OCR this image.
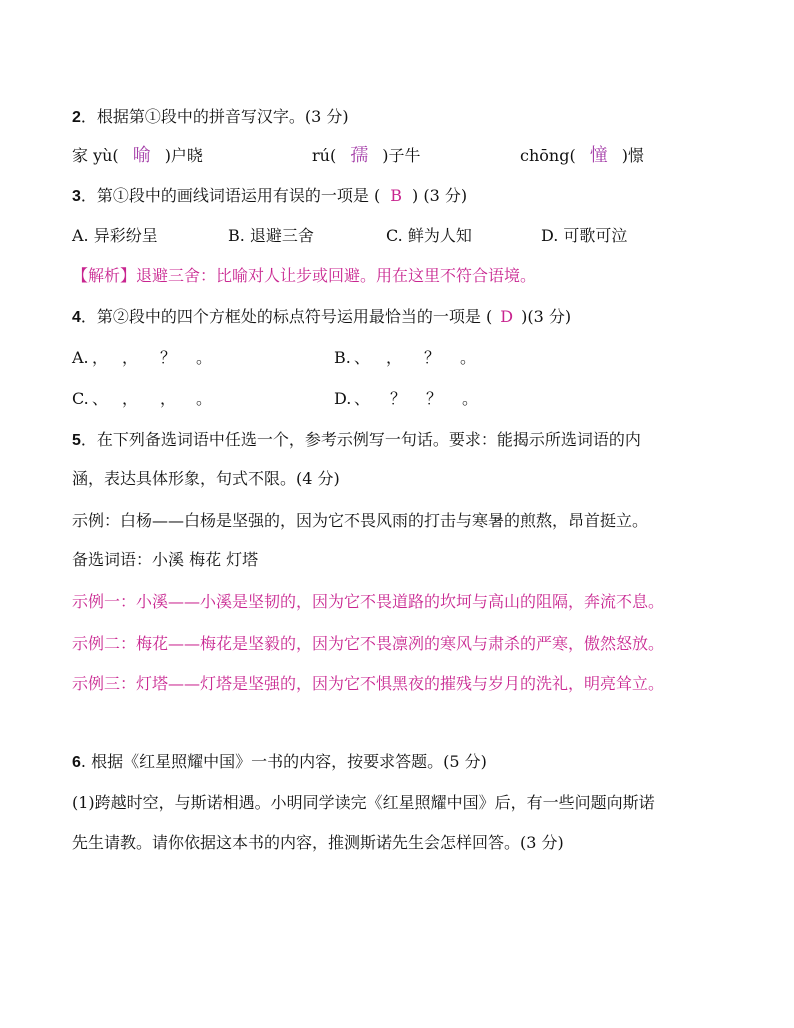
2．根据第①段中的拼音写汉字。(3 分)
家 yù( 喻 )户晓	rú( 孺 )子牛	chōng( 憧 )憬
3．第①段中的画线词语运用有误的一项是 ( B ) (3 分)
A. 异彩纷呈	B. 退避三舍	C. 鲜为人知	D. 可歌可泣
【解析】退避三舍：比喻对人让步或回避。用在这里不符合语境。
4．第②段中的四个方框处的标点符号运用最恰当的一项是 ( D )(3 分)
A. ， ， ？ 。	B. 、 ， ？ 。
C. 、 ， ， 。	D. 、 ？ ？ 。
5．在下列备选词语中任选一个，参考示例写一句话。要求：能揭示所选词语的内
涵，表达具体形象，句式不限。(4 分)
示例：白杨——白杨是坚强的，因为它不畏风雨的打击与寒暑的煎熬，昂首挺立。
备选词语：小溪 梅花 灯塔
示例一：小溪——小溪是坚韧的，因为它不畏道路的坎坷与高山的阻隔，奔流不息。
示例二：梅花——梅花是坚毅的，因为它不畏凛冽的寒风与肃杀的严寒，傲然怒放。
示例三：灯塔——灯塔是坚强的，因为它不惧黑夜的摧残与岁月的洗礼，明亮耸立。
6. 根据《红星照耀中国》一书的内容，按要求答题。(5 分)
(1)跨越时空，与斯诺相遇。小明同学读完《红星照耀中国》后，有一些问题向斯诺
先生请教。请你依据这本书的内容，推测斯诺先生会怎样回答。(3 分)
